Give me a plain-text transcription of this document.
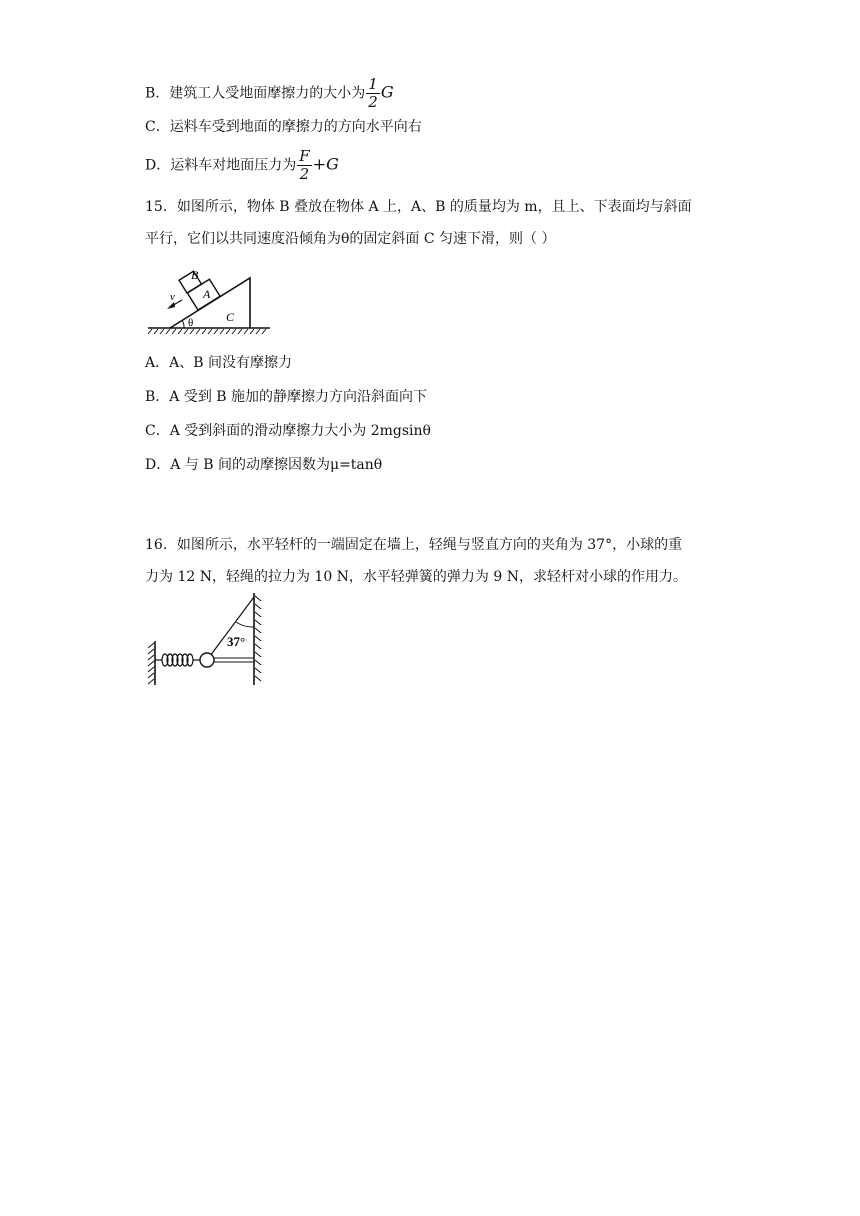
B．建筑工人受地面摩擦力的大小为 $\frac{1}{2}$ G
C．运料车受到地面的摩擦力的方向水平向右
D．运料车对地面压力为 $\frac{F}{2} +G$
15．如图所示，物体 B 叠放在物体 A 上，A、B 的质量均为 m，且上、下表面均与斜面
平行，它们以共同速度沿倾角为θ的固定斜面 C 匀速下滑，则（ ）
B
A
C
θ
v
A．A、B 间没有摩擦力
B．A 受到 B 施加的静摩擦力方向沿斜面向下
C．A 受到斜面的滑动摩擦力大小为 2mgsinθ
D．A 与 B 间的动摩擦因数为μ=tanθ
16．如图所示，水平轻杆的一端固定在墙上，轻绳与竖直方向的夹角为 37°，小球的重
力为 12 N，轻绳的拉力为 10 N，水平轻弹簧的弹力为 9 N，求轻杆对小球的作用力。
37°
